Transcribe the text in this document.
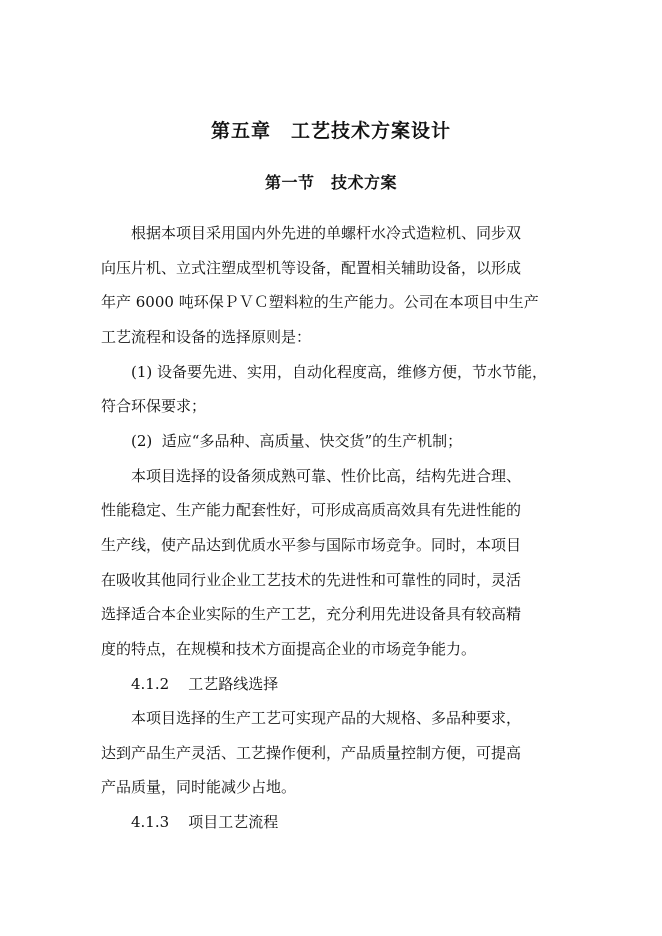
第五章　工艺技术方案设计
第一节　技术方案
根据本项目采用国内外先进的单螺杆水冷式造粒机、同步双
向压片机、立式注塑成型机等设备，配置相关辅助设备，以形成
年产 6000 吨环保ＰＶＣ塑料粒的生产能力。公司在本项目中生产
工艺流程和设备的选择原则是：
(1) 设备要先进、实用，自动化程度高，维修方便，节水节能，
符合环保要求；
(2)  适应“多品种、高质量、快交货”的生产机制；
本项目选择的设备须成熟可靠、性价比高，结构先进合理、
性能稳定、生产能力配套性好，可形成高质高效具有先进性能的
生产线，使产品达到优质水平参与国际市场竞争。同时，本项目
在吸收其他同行业企业工艺技术的先进性和可靠性的同时，灵活
选择适合本企业实际的生产工艺，充分利用先进设备具有较高精
度的特点，在规模和技术方面提高企业的市场竞争能力。
4.1.2    工艺路线选择
本项目选择的生产工艺可实现产品的大规格、多品种要求，
达到产品生产灵活、工艺操作便利，产品质量控制方便，可提高
产品质量，同时能减少占地。
4.1.3    项目工艺流程
